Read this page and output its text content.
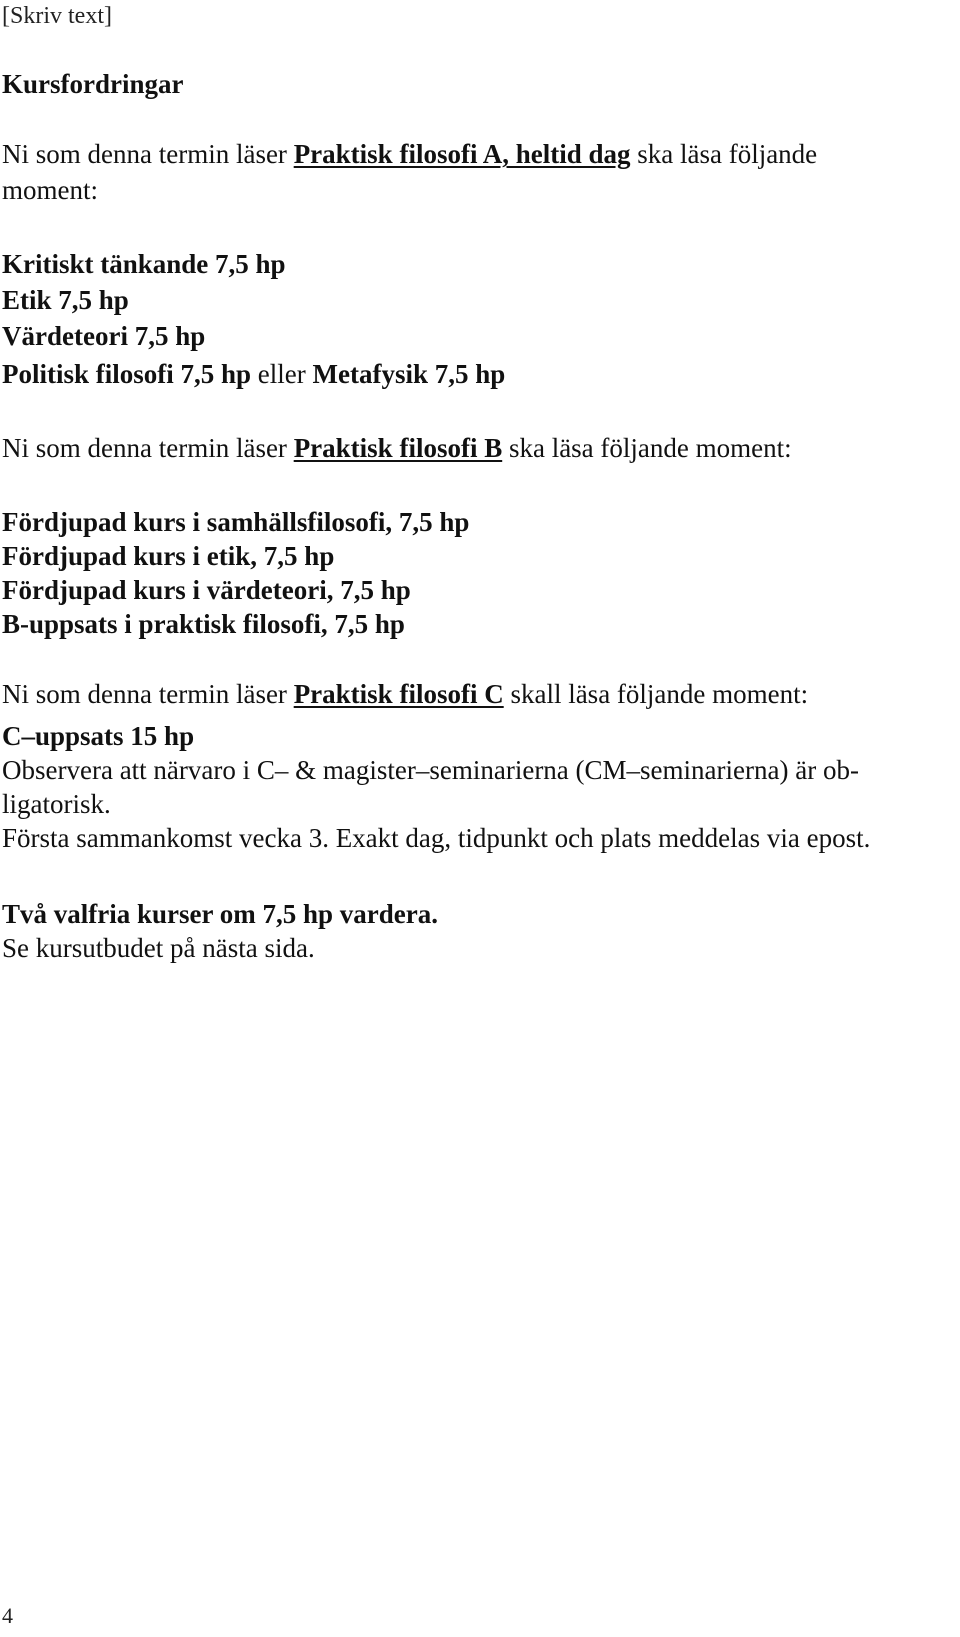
[Skriv text]
Kursfordringar
Ni som denna termin läser Praktisk filosofi A, heltid dag ska läsa följande
moment:
Kritiskt tänkande 7,5 hp
Etik 7,5 hp
Värdeteori 7,5 hp
Politisk filosofi 7,5 hp eller Metafysik 7,5 hp
Ni som denna termin läser Praktisk filosofi B ska läsa följande moment:
Fördjupad kurs i samhällsfilosofi, 7,5 hp
Fördjupad kurs i etik, 7,5 hp
Fördjupad kurs i värdeteori, 7,5 hp
B-uppsats i praktisk filosofi, 7,5 hp
Ni som denna termin läser Praktisk filosofi C skall läsa följande moment:
C–uppsats 15 hp
Observera att närvaro i C– & magister–seminarierna (CM–seminarierna) är ob-
ligatorisk.
Första sammankomst vecka 3. Exakt dag, tidpunkt och plats meddelas via epost.
Två valfria kurser om 7,5 hp vardera.
Se kursutbudet på nästa sida.
4
